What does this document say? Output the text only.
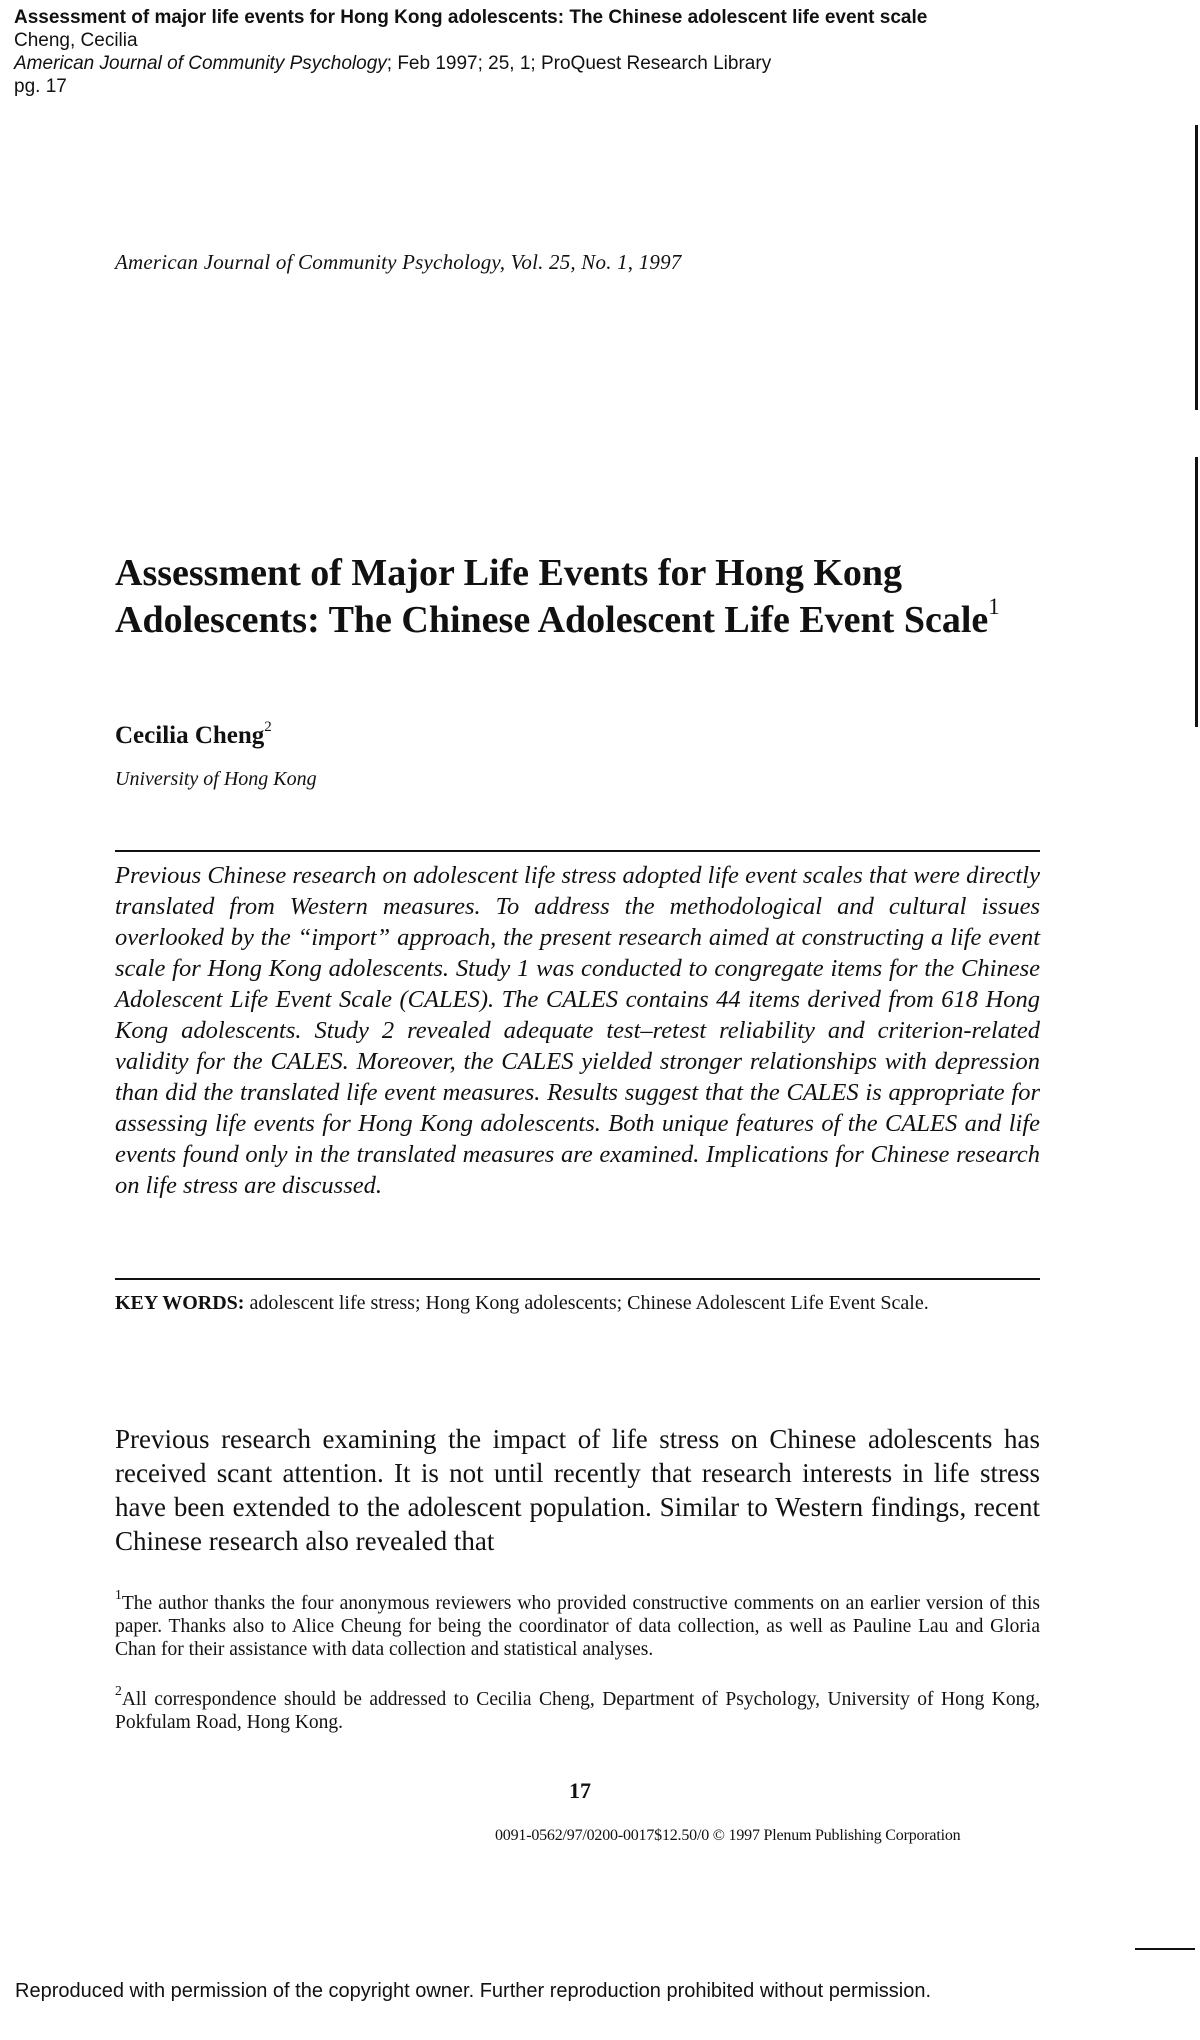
Assessment of major life events for Hong Kong adolescents: The Chinese adolescent life event scale
Cheng, Cecilia
American Journal of Community Psychology; Feb 1997; 25, 1; ProQuest Research Library
pg. 17
American Journal of Community Psychology, Vol. 25, No. 1, 1997
Assessment of Major Life Events for Hong Kong Adolescents: The Chinese Adolescent Life Event Scale$^1$
Cecilia Cheng$^2$
University of Hong Kong

Previous Chinese research on adolescent life stress adopted life event scales that were directly translated from Western measures. To address the methodological and cultural issues overlooked by the “import” approach, the present research aimed at constructing a life event scale for Hong Kong adolescents. Study 1 was conducted to congregate items for the Chinese Adolescent Life Event Scale (CALES). The CALES contains 44 items derived from 618 Hong Kong adolescents. Study 2 revealed adequate test–retest reliability and criterion-related validity for the CALES. Moreover, the CALES yielded stronger relationships with depression than did the translated life event measures. Results suggest that the CALES is appropriate for assessing life events for Hong Kong adolescents. Both unique features of the CALES and life events found only in the translated measures are examined. Implications for Chinese research on life stress are discussed.

KEY WORDS: adolescent life stress; Hong Kong adolescents; Chinese Adolescent Life Event Scale.

Previous research examining the impact of life stress on Chinese adolescents has received scant attention. It is not until recently that research interests in life stress have been extended to the adolescent population. Similar to Western findings, recent Chinese research also revealed that

$^1$The author thanks the four anonymous reviewers who provided constructive comments on an earlier version of this paper. Thanks also to Alice Cheung for being the coordinator of data collection, as well as Pauline Lau and Gloria Chan for their assistance with data collection and statistical analyses.

$^2$All correspondence should be addressed to Cecilia Cheng, Department of Psychology, University of Hong Kong, Pokfulam Road, Hong Kong.

17
0091-0562/97/0200-0017$12.50/0 © 1997 Plenum Publishing Corporation
Reproduced with permission of the copyright owner. Further reproduction prohibited without permission.
